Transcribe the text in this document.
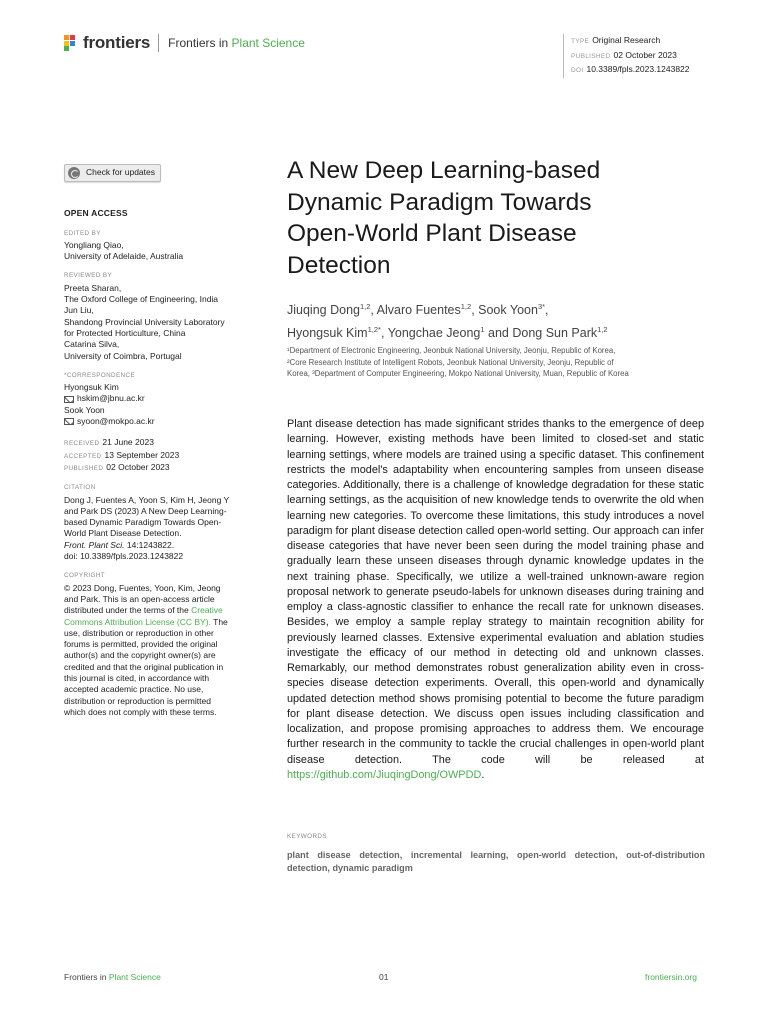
frontiers Frontiers in Plant Science	TYPE Original Research
PUBLISHED 02 October 2023
DOI 10.3389/fpls.2023.1243822
Check for updates
OPEN ACCESS
EDITED BY
Yongliang Qiao,
University of Adelaide, Australia
REVIEWED BY
Preeta Sharan,
The Oxford College of Engineering, India
Jun Liu,
Shandong Provincial University Laboratory
for Protected Horticulture, China
Catarina Silva,
University of Coimbra, Portugal
*CORRESPONDENCE
Hyongsuk Kim
hskim@jbnu.ac.kr
Sook Yoon
syoon@mokpo.ac.kr
RECEIVED 21 June 2023
ACCEPTED 13 September 2023
PUBLISHED 02 October 2023
CITATION
Dong J, Fuentes A, Yoon S, Kim H, Jeong Y
and Park DS (2023) A New Deep Learning-
based Dynamic Paradigm Towards Open-
World Plant Disease Detection.
Front. Plant Sci. 14:1243822.
doi: 10.3389/fpls.2023.1243822
COPYRIGHT
© 2023 Dong, Fuentes, Yoon, Kim, Jeong
and Park. This is an open-access article
distributed under the terms of the Creative
Commons Attribution License (CC BY). The
use, distribution or reproduction in other
forums is permitted, provided the original
author(s) and the copyright owner(s) are
credited and that the original publication in
this journal is cited, in accordance with
accepted academic practice. No use,
distribution or reproduction is permitted
which does not comply with these terms.
A New Deep Learning-based
Dynamic Paradigm Towards
Open-World Plant Disease
Detection
Jiuqing Dong$^{1,2}$, Alvaro Fuentes$^{1,2}$, Sook Yoon$^{3*}$,
Hyongsuk Kim$^{1,2*}$, Yongchae Jeong$^1$ and Dong Sun Park$^{1,2}$
¹Department of Electronic Engineering, Jeonbuk National University, Jeonju, Republic of Korea,
²Core Research Institute of Intelligent Robots, Jeonbuk National University, Jeonju, Republic of
Korea, ³Department of Computer Engineering, Mokpo National University, Muan, Republic of Korea

Plant disease detection has made significant strides thanks to the emergence of deep learning. However, existing methods have been limited to closed-set and static learning settings, where models are trained using a specific dataset. This confinement restricts the model's adaptability when encountering samples from unseen disease categories. Additionally, there is a challenge of knowledge degradation for these static learning settings, as the acquisition of new knowledge tends to overwrite the old when learning new categories. To overcome these limitations, this study introduces a novel paradigm for plant disease detection called open-world setting. Our approach can infer disease categories that have never been seen during the model training phase and gradually learn these unseen diseases through dynamic knowledge updates in the next training phase. Specifically, we utilize a well-trained unknown-aware region proposal network to generate pseudo-labels for unknown diseases during training and employ a class-agnostic classifier to enhance the recall rate for unknown diseases. Besides, we employ a sample replay strategy to maintain recognition ability for previously learned classes. Extensive experimental evaluation and ablation studies investigate the efficacy of our method in detecting old and unknown classes. Remarkably, our method demonstrates robust generalization ability even in cross-species disease detection experiments. Overall, this open-world and dynamically updated detection method shows promising potential to become the future paradigm for plant disease detection. We discuss open issues including classification and localization, and propose promising approaches to address them. We encourage further research in the community to tackle the crucial challenges in open-world plant disease detection. The code will be released at https://github.com/JiuqingDong/OWPDD.

KEYWORDS
plant disease detection, incremental learning, open-world detection, out-of-distribution detection, dynamic paradigm
Frontiers in Plant Science	01	frontiersin.org
